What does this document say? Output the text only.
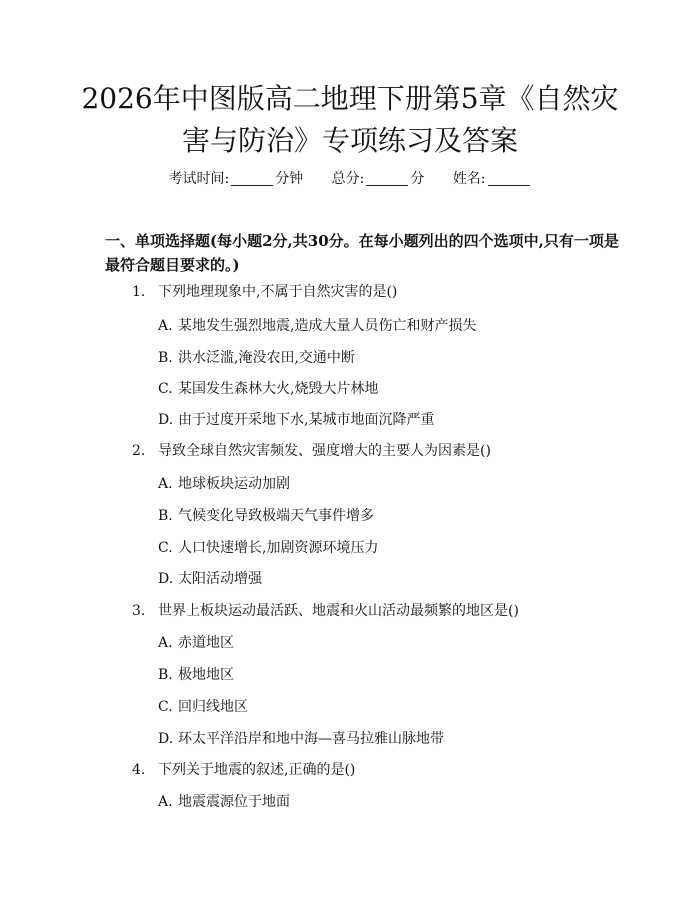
2026年中图版高二地理下册第5章《自然灾
害与防治》专项练习及答案
考试时间:	分钟 总分:	分 姓名:

一、单项选择题(每小题2分,共30分。在每小题列出的四个选项中,只有一项是最符合题目要求的。)

1. 下列地理现象中,不属于自然灾害的是()
A. 某地发生强烈地震,造成大量人员伤亡和财产损失
B. 洪水泛滥,淹没农田,交通中断
C. 某国发生森林大火,烧毁大片林地
D. 由于过度开采地下水,某城市地面沉降严重
2. 导致全球自然灾害频发、强度增大的主要人为因素是()
A. 地球板块运动加剧
B. 气候变化导致极端天气事件增多
C. 人口快速增长,加剧资源环境压力
D. 太阳活动增强
3. 世界上板块运动最活跃、地震和火山活动最频繁的地区是()
A. 赤道地区
B. 极地地区
C. 回归线地区
D. 环太平洋沿岸和地中海—喜马拉雅山脉地带
4. 下列关于地震的叙述,正确的是()
A. 地震震源位于地面
